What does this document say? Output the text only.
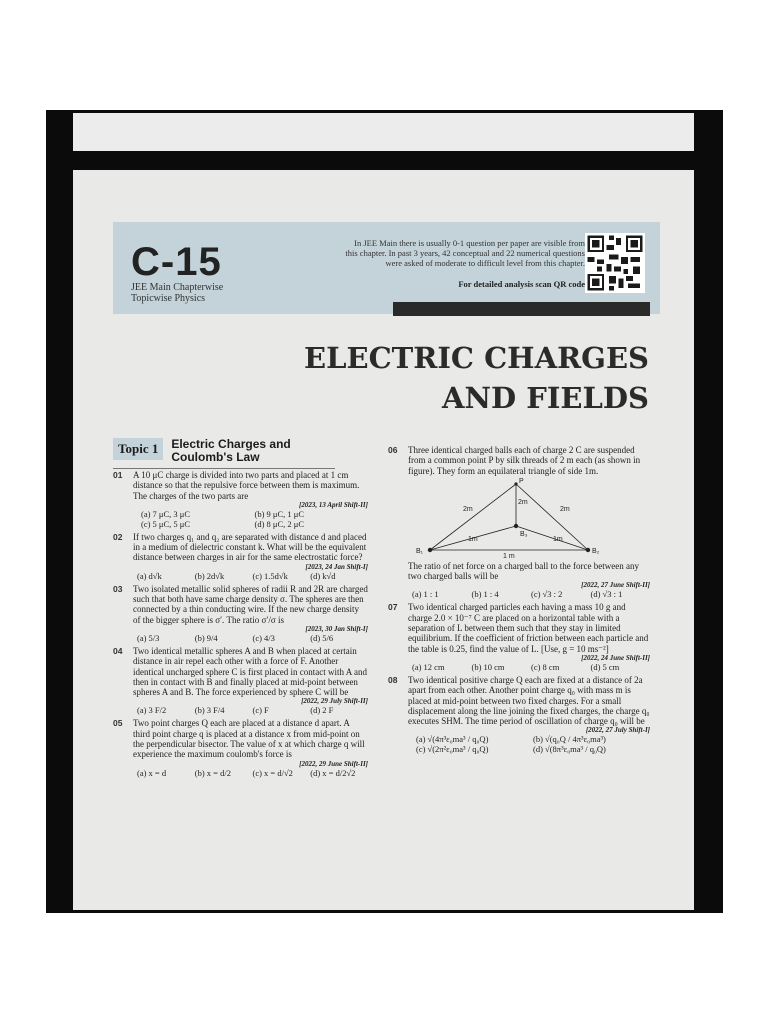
C-15
JEE Main Chapterwise
Topicwise Physics
In JEE Main there is usually 0-1 question per paper are visible from this chapter. In past 3 years, 42 conceptual and 22 numerical questions were asked of moderate to difficult level from this chapter.
For detailed analysis scan QR code
ELECTRIC CHARGES
AND FIELDS
Topic 1 Electric Charges and
Coulomb's Law
01 A 10 μC charge is divided into two parts and placed at 1 cm distance so that the repulsive force between them is maximum. The charges of the two parts are
[2023, 13 April Shift-II]
(a) 7 μC, 3 μC	(b) 9 μC, 1 μC
(c) 5 μC, 5 μC	(d) 8 μC, 2 μC
02 If two charges q₁ and q₂ are separated with distance d and placed in a medium of dielectric constant k. What will be the equivalent distance between charges in air for the same electrostatic force?
[2023, 24 Jan Shift-I]
(a) d√k	(b) 2d√k	(c) 1.5d√k	(d) k√d
03 Two isolated metallic solid spheres of radii R and 2R are charged such that both have same charge density σ. The spheres are then connected by a thin conducting wire. If the new charge density of the bigger sphere is σ′. The ratio σ′/σ is
[2023, 30 Jan Shift-I]
(a) 5/3	(b) 9/4	(c) 4/3	(d) 5/6
04 Two identical metallic spheres A and B when placed at certain distance in air repel each other with a force of F. Another identical uncharged sphere C is first placed in contact with A and then in contact with B and finally placed at mid-point between spheres A and B. The force experienced by sphere C will be
[2022, 29 July Shift-II]
(a) 3 F/2	(b) 3 F/4	(c) F	(d) 2 F
05 Two point charges Q each are placed at a distance d apart. A third point charge q is placed at a distance x from mid-point on the perpendicular bisector. The value of x at which charge q will experience the maximum coulomb's force is
[2022, 29 June Shift-II]
(a) x = d	(b) x = d/2	(c) x = d/√2	(d) x = d/2√2
06 Three identical charged balls each of charge 2 C are suspended from a common point P by silk threads of 2 m each (as shown in figure). They form an equilateral triangle of side 1m.
P
B₁	B₂
B₃
2m
2m
2m
1m	1m
1 m
The ratio of net force on a charged ball to the force between any two charged balls will be
[2022, 27 June Shift-II]
(a) 1 : 1	(b) 1 : 4	(c) √3 : 2	(d) √3 : 1
07 Two identical charged particles each having a mass 10 g and charge 2.0 × 10⁻⁷ C are placed on a horizontal table with a separation of L between them such that they stay in limited equilibrium. If the coefficient of friction between each particle and the table is 0.25, find the value of L. [Use, g = 10 ms⁻²]
[2022, 24 June Shift-II]
(a) 12 cm	(b) 10 cm	(c) 8 cm	(d) 5 cm
08 Two identical positive charge Q each are fixed at a distance of 2a apart from each other. Another point charge q₀ with mass m is placed at mid-point between two fixed charges. For a small displacement along the line joining the fixed charges, the charge q₀ executes SHM. The time period of oscillation of charge q₀ will be
[2022, 27 July Shift-I]
(a) √(4π³ε₀ma³ / q₀Q)	(b) √(q₀Q / 4π³ε₀ma³)
(c) √(2π²ε₀ma³ / q₀Q)	(d) √(8π³ε₀ma³ / q₀Q)
